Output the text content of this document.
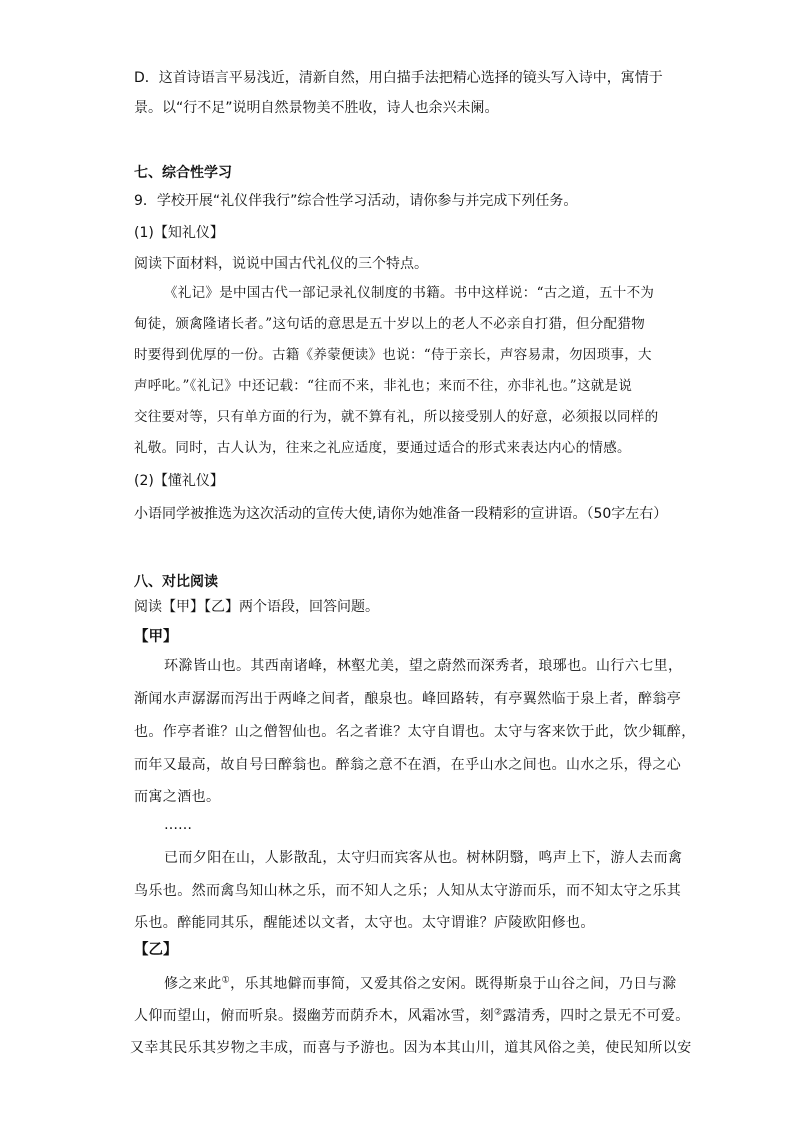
D．这首诗语言平易浅近，清新自然，用白描手法把精心选择的镜头写入诗中，寓情于

景。以“行不足”说明自然景物美不胜收，诗人也余兴未阑。

七、综合性学习

9．学校开展“礼仪伴我行”综合性学习活动，请你参与并完成下列任务。

(1)【知礼仪】

阅读下面材料，说说中国古代礼仪的三个特点。

《礼记》是中国古代一部记录礼仪制度的书籍。书中这样说：“古之道，五十不为

甸徒，颁禽隆诸长者。”这句话的意思是五十岁以上的老人不必亲自打猎，但分配猎物

时要得到优厚的一份。古籍《养蒙便读》也说：“侍于亲长，声容易肃，勿因琐事，大

声呼叱。”《礼记》中还记载：“往而不来，非礼也；来而不往，亦非礼也。”这就是说

交往要对等，只有单方面的行为，就不算有礼，所以接受别人的好意，必须报以同样的

礼敬。同时，古人认为，往来之礼应适度，要通过适合的形式来表达内心的情感。

(2)【懂礼仪】

小语同学被推选为这次活动的宣传大使,请你为她准备一段精彩的宣讲语。（50字左右）

八、对比阅读

阅读【甲】【乙】两个语段，回答问题。

【甲】

环滁皆山也。其西南诸峰，林壑尤美，望之蔚然而深秀者，琅琊也。山行六七里，

渐闻水声潺潺而泻出于两峰之间者，酿泉也。峰回路转，有亭翼然临于泉上者，醉翁亭

也。作亭者谁？山之僧智仙也。名之者谁？太守自谓也。太守与客来饮于此，饮少辄醉，

而年又最高，故自号曰醉翁也。醉翁之意不在酒，在乎山水之间也。山水之乐，得之心

而寓之酒也。

……

已而夕阳在山，人影散乱，太守归而宾客从也。树林阴翳，鸣声上下，游人去而禽

鸟乐也。然而禽鸟知山林之乐，而不知人之乐；人知从太守游而乐，而不知太守之乐其

乐也。醉能同其乐，醒能述以文者，太守也。太守谓谁？庐陵欧阳修也。

【乙】

修之来此①，乐其地僻而事简，又爱其俗之安闲。既得斯泉于山谷之间，乃日与滁

人仰而望山，俯而听泉。掇幽芳而荫乔木，风霜冰雪，刻②露清秀，四时之景无不可爱。

又幸其民乐其岁物之丰成，而喜与予游也。因为本其山川，道其风俗之美，使民知所以安
